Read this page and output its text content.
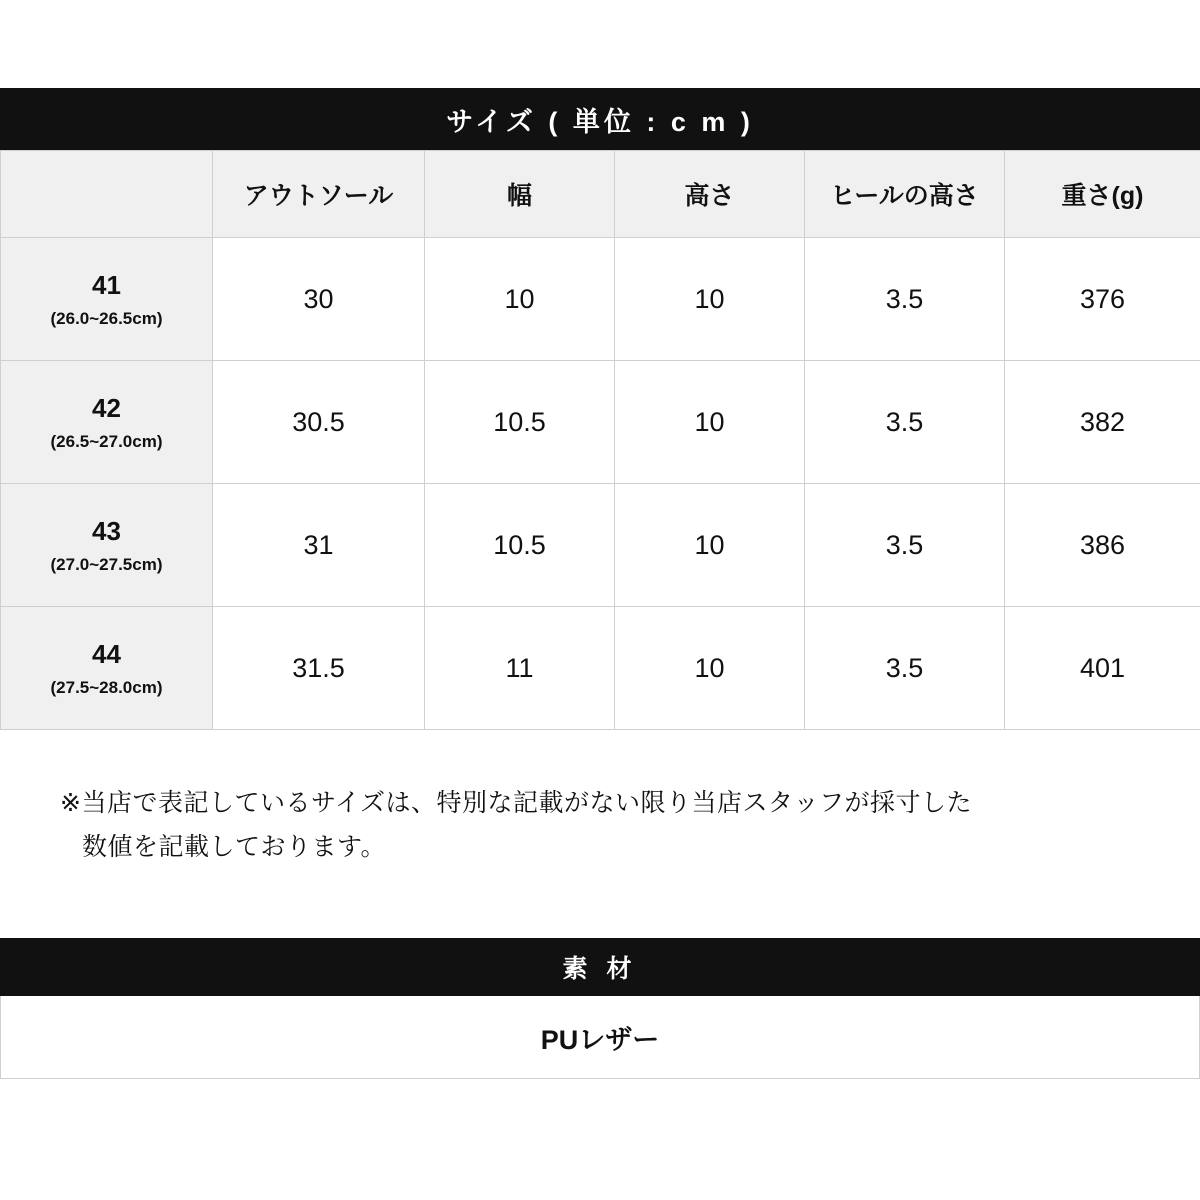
サイズ ( 単位 : c m )
	アウトソール	幅	高さ	ヒールの高さ	重さ(g)

41
(26.0~26.5cm)	30	10	10	3.5	376

42
(26.5~27.0cm)	30.5	10.5	10	3.5	382

43
(27.0~27.5cm)	31	10.5	10	3.5	386

44
(27.5~28.0cm)	31.5	11	10	3.5	401
※当店で表記しているサイズは、特別な記載がない限り当店スタッフが採寸した
数値を記載しております。
素 材
PUレザー
